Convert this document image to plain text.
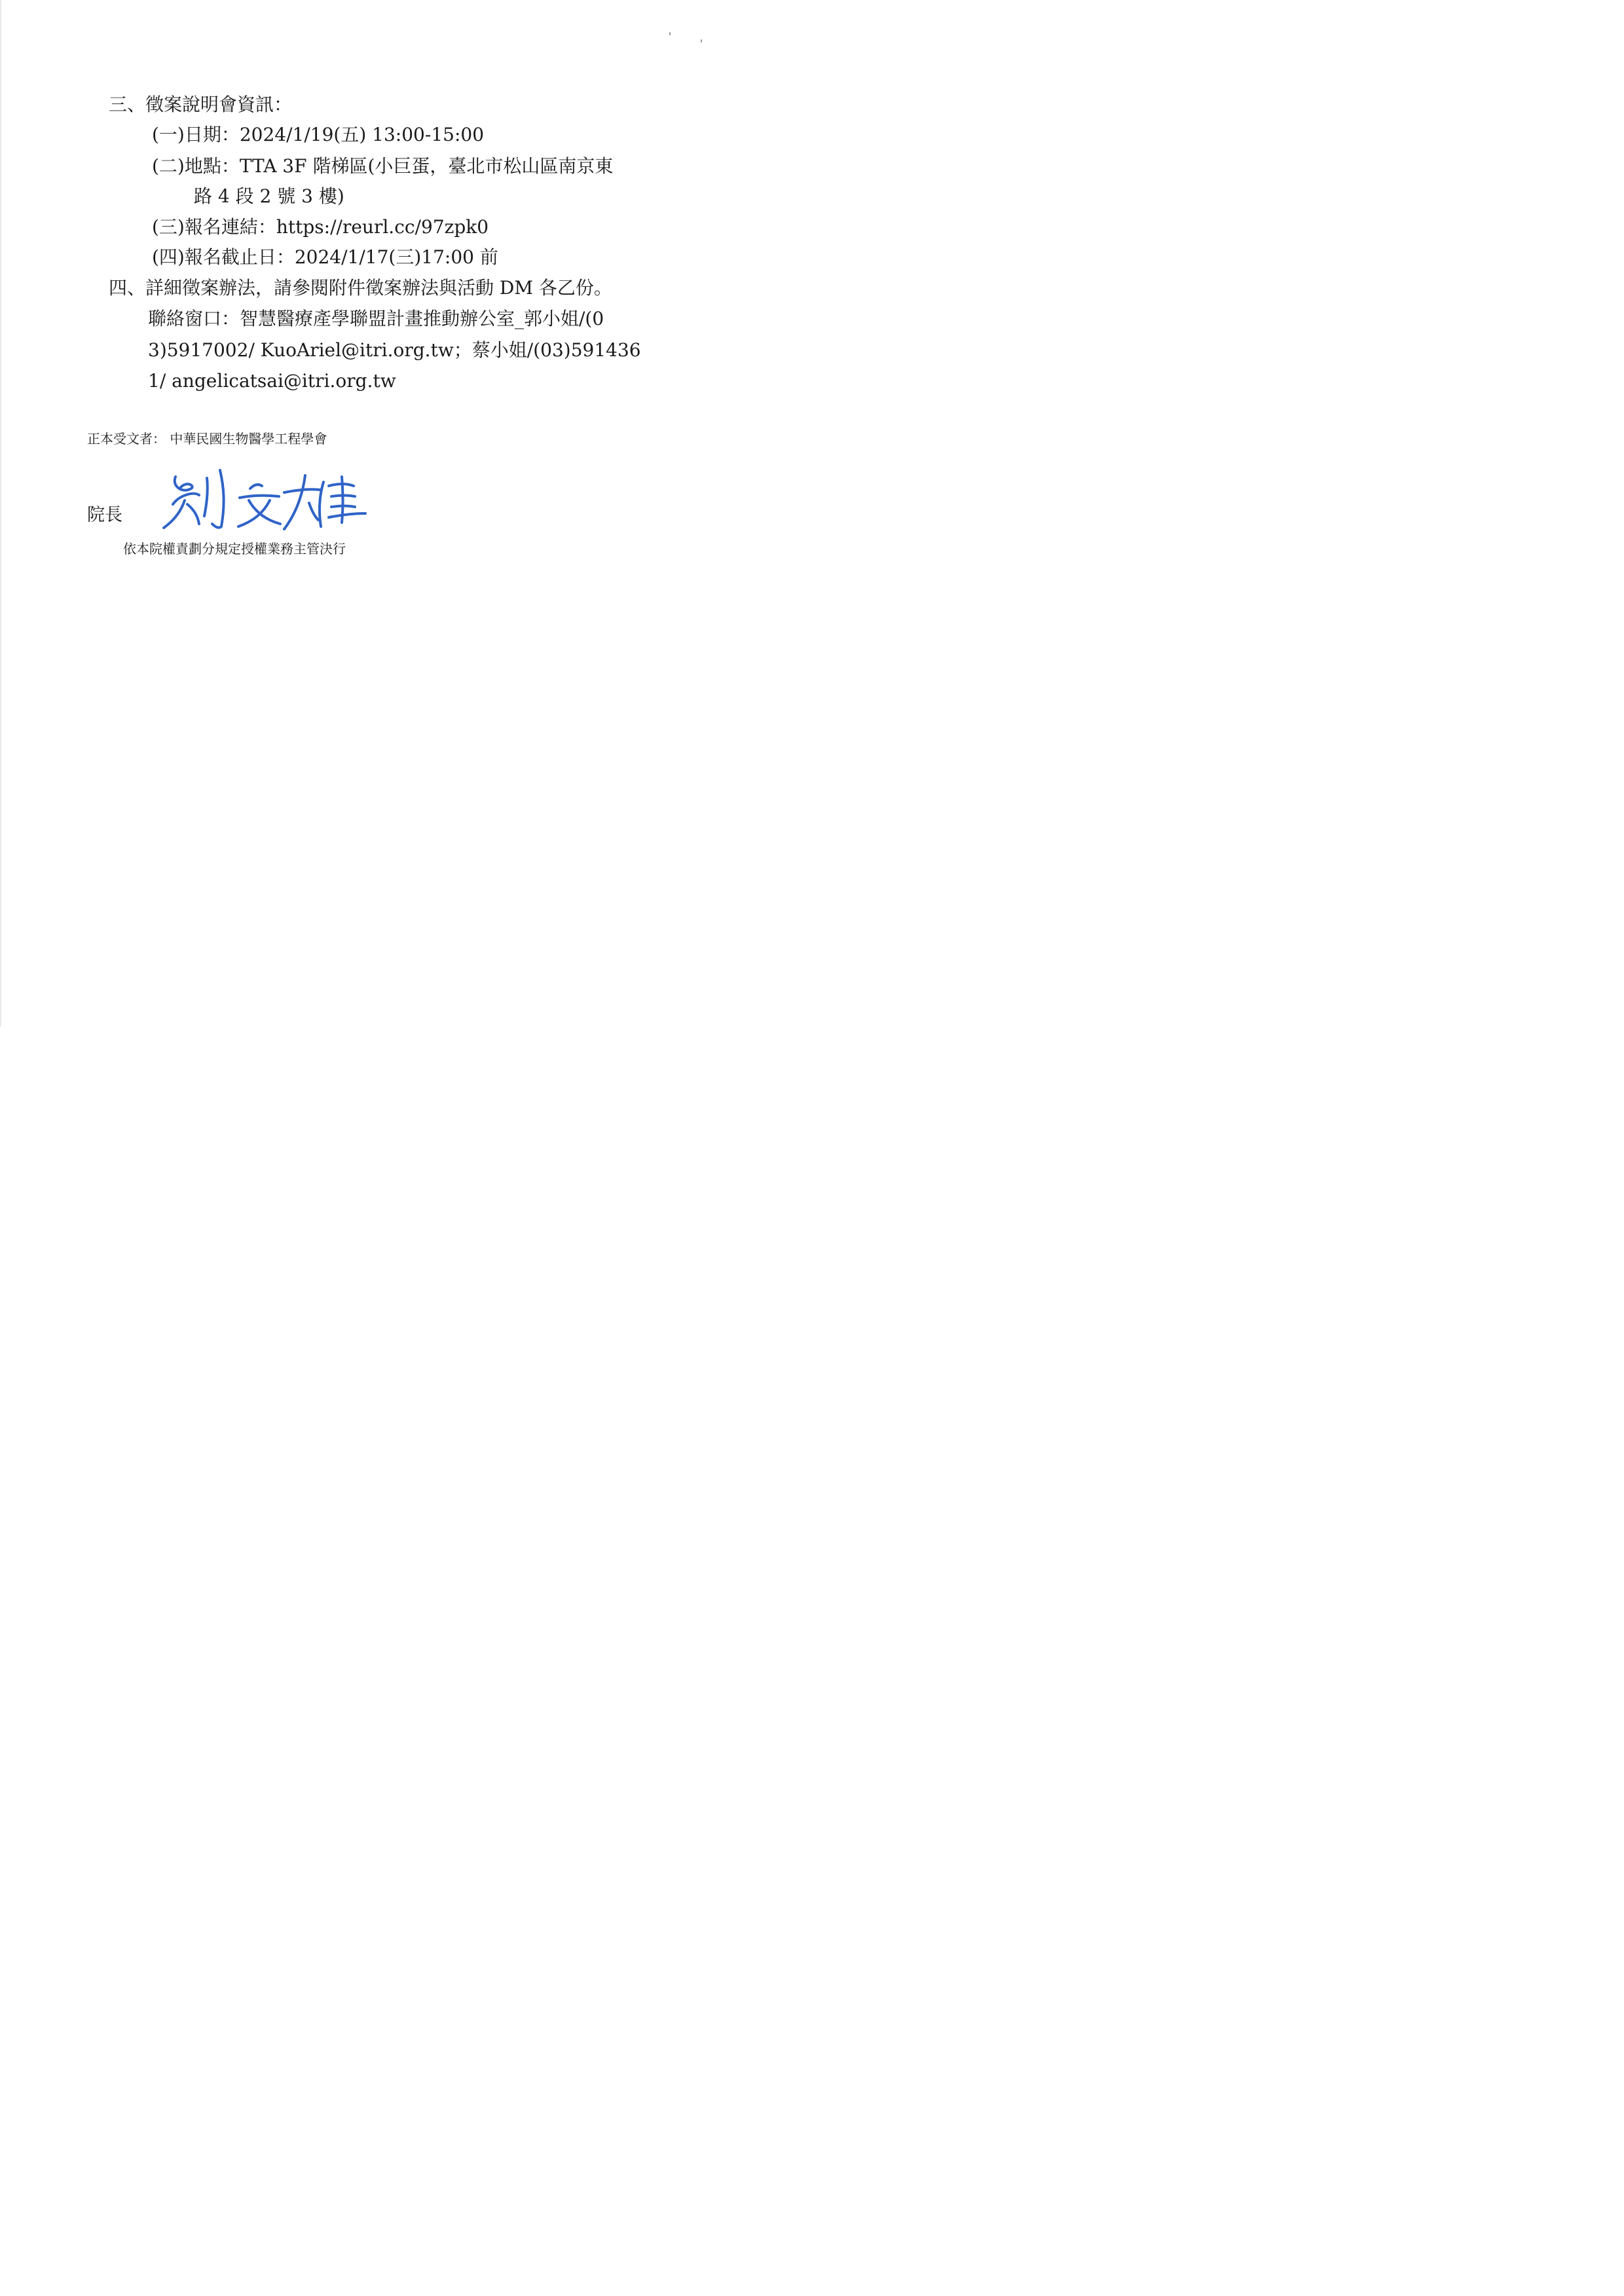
三、徵案說明會資訊：
(一)日期：2024/1/19(五) 13:00-15:00
(二)地點：TTA 3F 階梯區(小巨蛋，臺北市松山區南京東
路 4 段 2 號 3 樓)
(三)報名連結：https://reurl.cc/97zpk0
(四)報名截止日：2024/1/17(三)17:00 前
四、詳細徵案辦法，請參閱附件徵案辦法與活動 DM 各乙份。
聯絡窗口：智慧醫療產學聯盟計畫推動辦公室_郭小姐/(0
3)5917002/ KuoAriel@itri.org.tw；蔡小姐/(03)591436
1/ angelicatsai@itri.org.tw
正本受文者： 中華民國生物醫學工程學會
院長
依本院權責劃分規定授權業務主管決行
